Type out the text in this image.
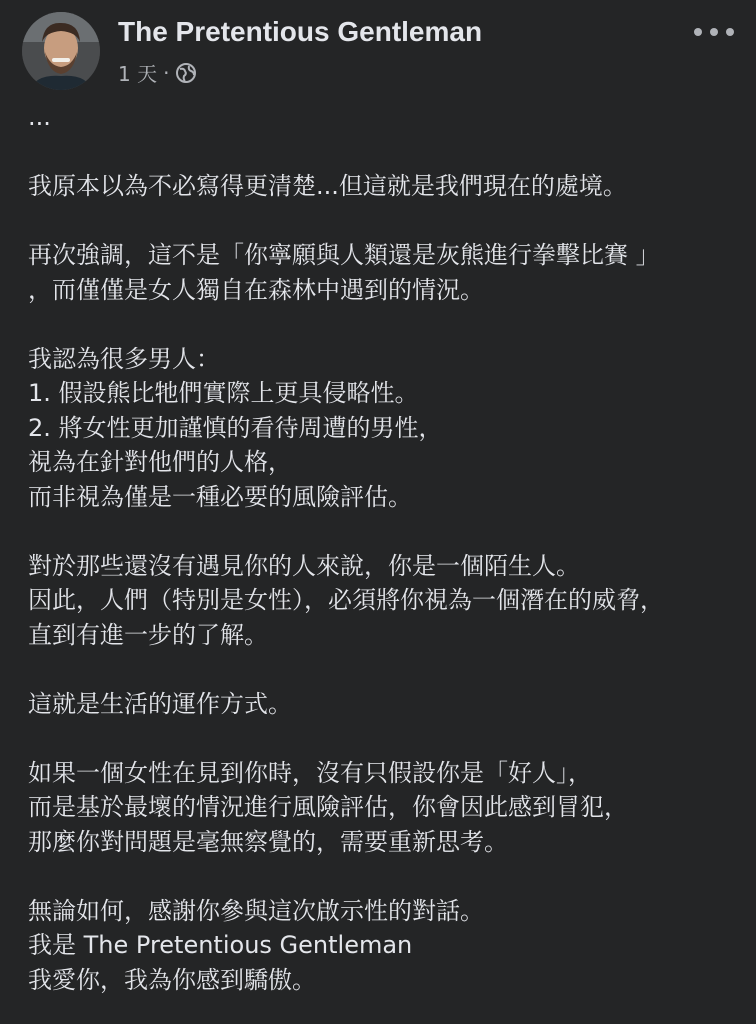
The Pretentious Gentleman
1 天 ·
...
我原本以為不必寫得更清楚...但這就是我們現在的處境。
再次強調，這不是「你寧願與人類還是灰熊進行拳擊比賽 」
，而僅僅是女人獨自在森林中遇到的情況。
我認為很多男人：
1. 假設熊比牠們實際上更具侵略性。
2. 將女性更加謹慎的看待周遭的男性，
視為在針對他們的人格，
而非視為僅是一種必要的風險評估。
對於那些還沒有遇見你的人來說，你是一個陌生人。
因此，人們（特別是女性），必須將你視為一個潛在的威脅，
直到有進一步的了解。
這就是生活的運作方式。
如果一個女性在見到你時，沒有只假設你是「好人」，
而是基於最壞的情況進行風險評估，你會因此感到冒犯，
那麼你對問題是毫無察覺的，需要重新思考。
無論如何，感謝你參與這次啟示性的對話。
我是 The Pretentious Gentleman
我愛你，我為你感到驕傲。
